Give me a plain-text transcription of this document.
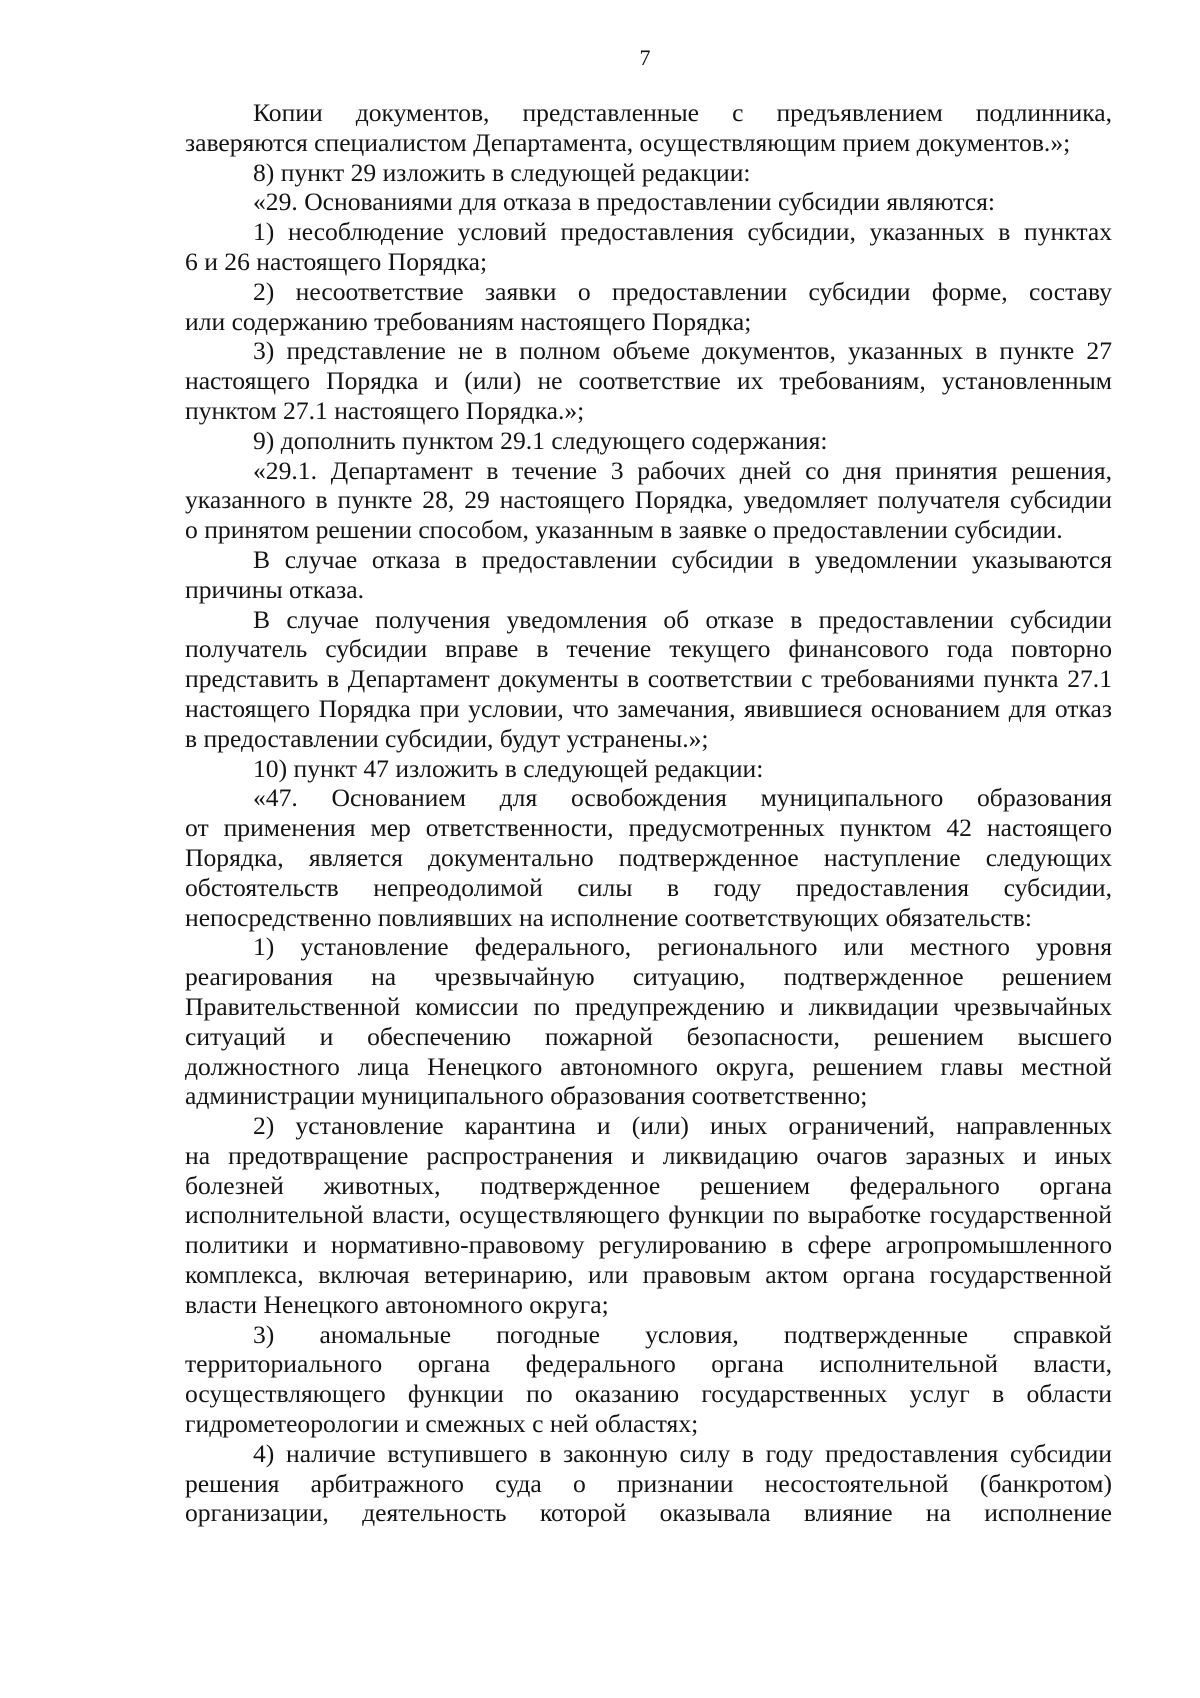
7
Копии документов, представленные с предъявлением подлинника,
заверяются специалистом Департамента, осуществляющим прием документов.»;
8) пункт 29 изложить в следующей редакции:
«29. Основаниями для отказа в предоставлении субсидии являются:
1) несоблюдение условий предоставления субсидии, указанных в пунктах
6 и 26 настоящего Порядка;
2) несоответствие заявки о предоставлении субсидии форме, составу
или содержанию требованиям настоящего Порядка;
3) представление не в полном объеме документов, указанных в пункте 27
настоящего Порядка и (или) не соответствие их требованиям, установленным
пунктом 27.1 настоящего Порядка.»;
9) дополнить пунктом 29.1 следующего содержания:
«29.1. Департамент в течение 3 рабочих дней со дня принятия решения,
указанного в пункте 28, 29 настоящего Порядка, уведомляет получателя субсидии
о принятом решении способом, указанным в заявке о предоставлении субсидии.
В случае отказа в предоставлении субсидии в уведомлении указываются
причины отказа.
В случае получения уведомления об отказе в предоставлении субсидии
получатель субсидии вправе в течение текущего финансового года повторно
представить в Департамент документы в соответствии с требованиями пункта 27.1
настоящего Порядка при условии, что замечания, явившиеся основанием для отказ
в предоставлении субсидии, будут устранены.»;
10) пункт 47 изложить в следующей редакции:
«47. Основанием для освобождения муниципального образования
от применения мер ответственности, предусмотренных пунктом 42 настоящего
Порядка, является документально подтвержденное наступление следующих
обстоятельств непреодолимой силы в году предоставления субсидии,
непосредственно повлиявших на исполнение соответствующих обязательств:
1) установление федерального, регионального или местного уровня
реагирования на чрезвычайную ситуацию, подтвержденное решением
Правительственной комиссии по предупреждению и ликвидации чрезвычайных
ситуаций и обеспечению пожарной безопасности, решением высшего
должностного лица Ненецкого автономного округа, решением главы местной
администрации муниципального образования соответственно;
2) установление карантина и (или) иных ограничений, направленных
на предотвращение распространения и ликвидацию очагов заразных и иных
болезней животных, подтвержденное решением федерального органа
исполнительной власти, осуществляющего функции по выработке государственной
политики и нормативно-правовому регулированию в сфере агропромышленного
комплекса, включая ветеринарию, или правовым актом органа государственной
власти Ненецкого автономного округа;
3) аномальные погодные условия, подтвержденные справкой
территориального органа федерального органа исполнительной власти,
осуществляющего функции по оказанию государственных услуг в области
гидрометеорологии и смежных с ней областях;
4) наличие вступившего в законную силу в году предоставления субсидии
решения арбитражного суда о признании несостоятельной (банкротом)
организации, деятельность которой оказывала влияние на исполнение
